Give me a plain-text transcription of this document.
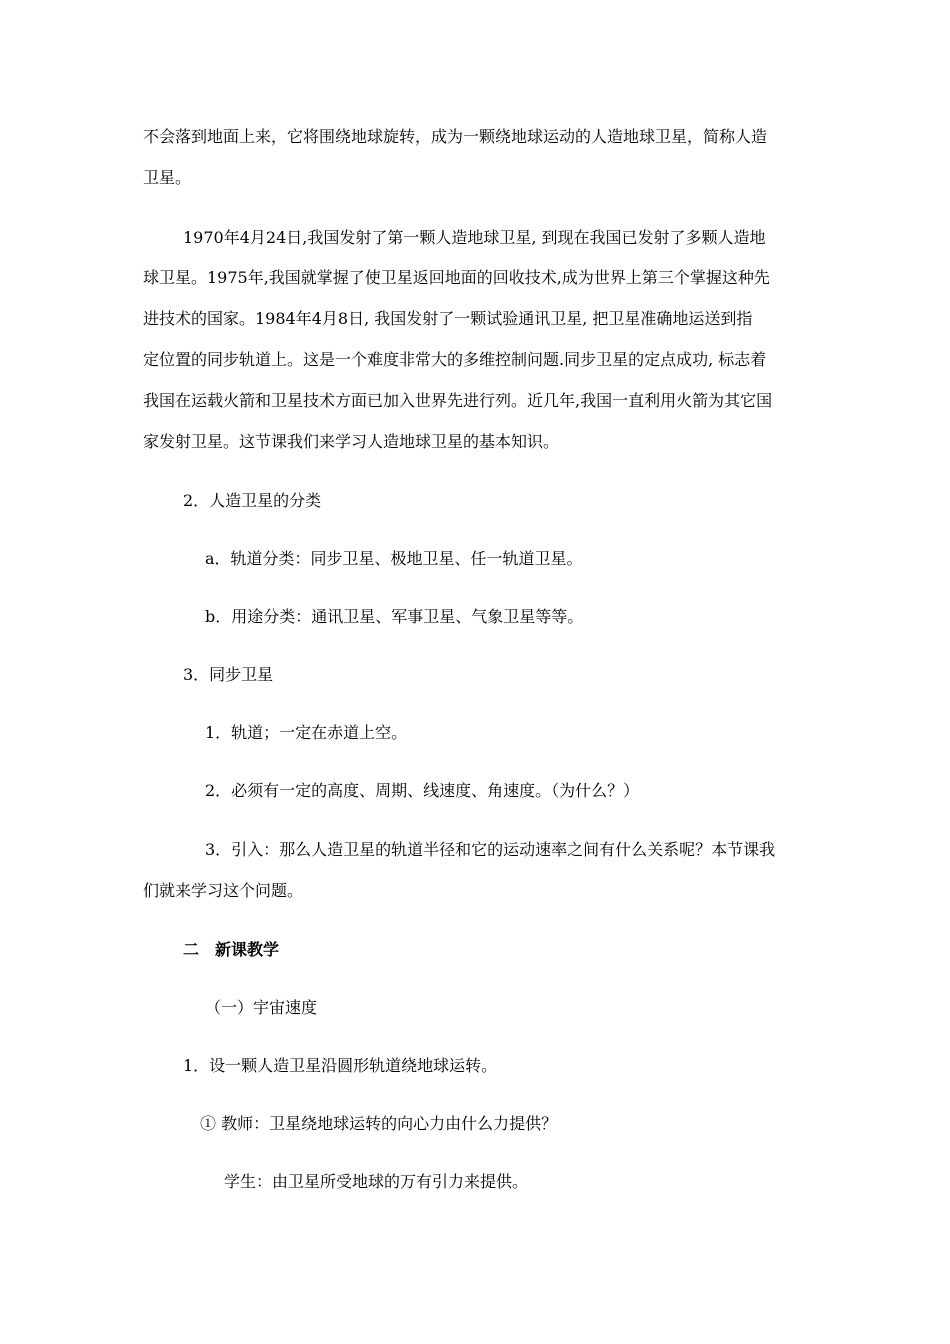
不会落到地面上来，它将围绕地球旋转，成为一颗绕地球运动的人造地球卫星，简称人造
卫星。
1970年4月24日,我国发射了第一颗人造地球卫星, 到现在我国已发射了多颗人造地
球卫星。1975年,我国就掌握了使卫星返回地面的回收技术,成为世界上第三个掌握这种先
进技术的国家。1984年4月8日, 我国发射了一颗试验通讯卫星, 把卫星准确地运送到指
定位置的同步轨道上。这是一个难度非常大的多维控制问题.同步卫星的定点成功, 标志着
我国在运载火箭和卫星技术方面已加入世界先进行列。近几年,我国一直利用火箭为其它国
家发射卫星。这节课我们来学习人造地球卫星的基本知识。
2．人造卫星的分类
a．轨道分类：同步卫星、极地卫星、任一轨道卫星。
b．用途分类：通讯卫星、军事卫星、气象卫星等等。
3．同步卫星
1．轨道；一定在赤道上空。
2．必须有一定的高度、周期、线速度、角速度。（为什么？）
3．引入：那么人造卫星的轨道半径和它的运动速率之间有什么关系呢？本节课我
们就来学习这个问题。
二　新课教学
（一）宇宙速度
1．设一颗人造卫星沿圆形轨道绕地球运转。
① 教师：卫星绕地球运转的向心力由什么力提供？
学生：由卫星所受地球的万有引力来提供。
